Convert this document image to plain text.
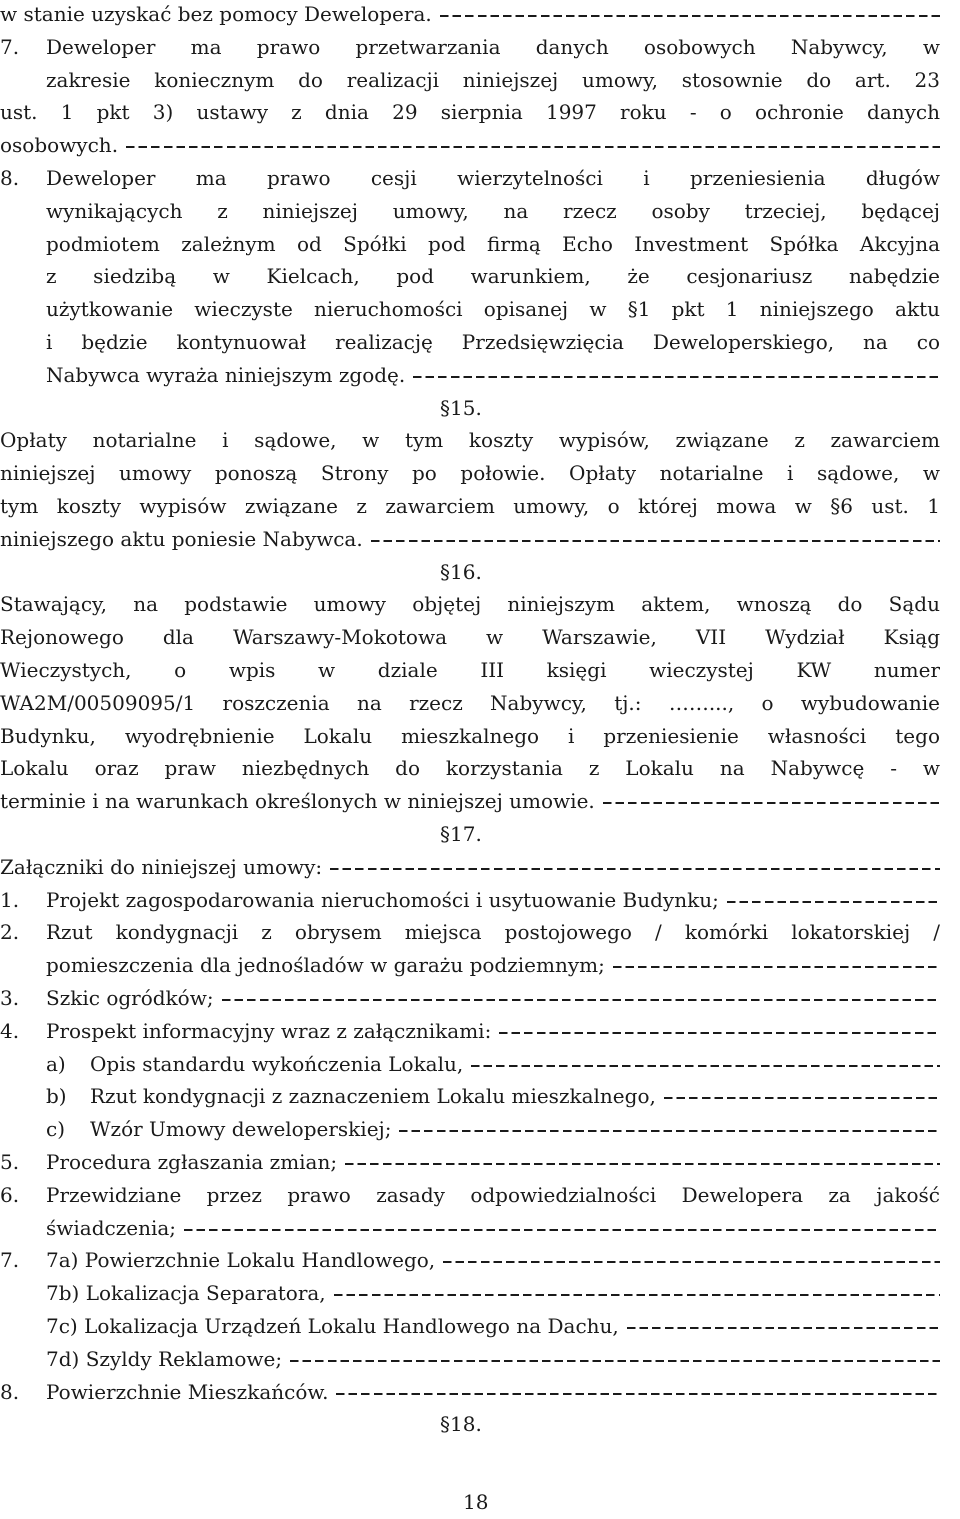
w stanie uzyskać bez pomocy Dewelopera.
7. Deweloper ma prawo przetwarzania danych osobowych Nabywcy, w
zakresie koniecznym do realizacji niniejszej umowy, stosownie do art. 23
ust. 1 pkt 3) ustawy z dnia 29 sierpnia 1997 roku - o ochronie danych
osobowych.
8. Deweloper ma prawo cesji wierzytelności i przeniesienia długów
wynikających z niniejszej umowy, na rzecz osoby trzeciej, będącej
podmiotem zależnym od Spółki pod firmą Echo Investment Spółka Akcyjna
z siedzibą w Kielcach, pod warunkiem, że cesjonariusz nabędzie
użytkowanie wieczyste nieruchomości opisanej w §1 pkt 1 niniejszego aktu
i będzie kontynuował realizację Przedsięwzięcia Deweloperskiego, na co
Nabywca wyraża niniejszym zgodę.
§15.
Opłaty notarialne i sądowe, w tym koszty wypisów, związane z zawarciem
niniejszej umowy ponoszą Strony po połowie. Opłaty notarialne i sądowe, w
tym koszty wypisów związane z zawarciem umowy, o której mowa w §6 ust. 1
niniejszego aktu poniesie Nabywca.
§16.
Stawający, na podstawie umowy objętej niniejszym aktem, wnoszą do Sądu
Rejonowego dla Warszawy-Mokotowa w Warszawie, VII Wydział Ksiąg
Wieczystych, o wpis w dziale III księgi wieczystej KW numer
WA2M/00509095/1 roszczenia na rzecz Nabywcy, tj.: ……..., o wybudowanie
Budynku, wyodrębnienie Lokalu mieszkalnego i przeniesienie własności tego
Lokalu oraz praw niezbędnych do korzystania z Lokalu na Nabywcę - w
terminie i na warunkach określonych w niniejszej umowie.
§17.
Załączniki do niniejszej umowy:
1. Projekt zagospodarowania nieruchomości i usytuowanie Budynku;
2. Rzut kondygnacji z obrysem miejsca postojowego / komórki lokatorskiej /
pomieszczenia dla jednośladów w garażu podziemnym;
3. Szkic ogródków;
4. Prospekt informacyjny wraz z załącznikami:
a) Opis standardu wykończenia Lokalu,
b) Rzut kondygnacji z zaznaczeniem Lokalu mieszkalnego,
c) Wzór Umowy deweloperskiej;
5. Procedura zgłaszania zmian;
6. Przewidziane przez prawo zasady odpowiedzialności Dewelopera za jakość
świadczenia;
7. 7a) Powierzchnie Lokalu Handlowego,
7b) Lokalizacja Separatora,
7c) Lokalizacja Urządzeń Lokalu Handlowego na Dachu,
7d) Szyldy Reklamowe;
8. Powierzchnie Mieszkańców.
§18.
18
